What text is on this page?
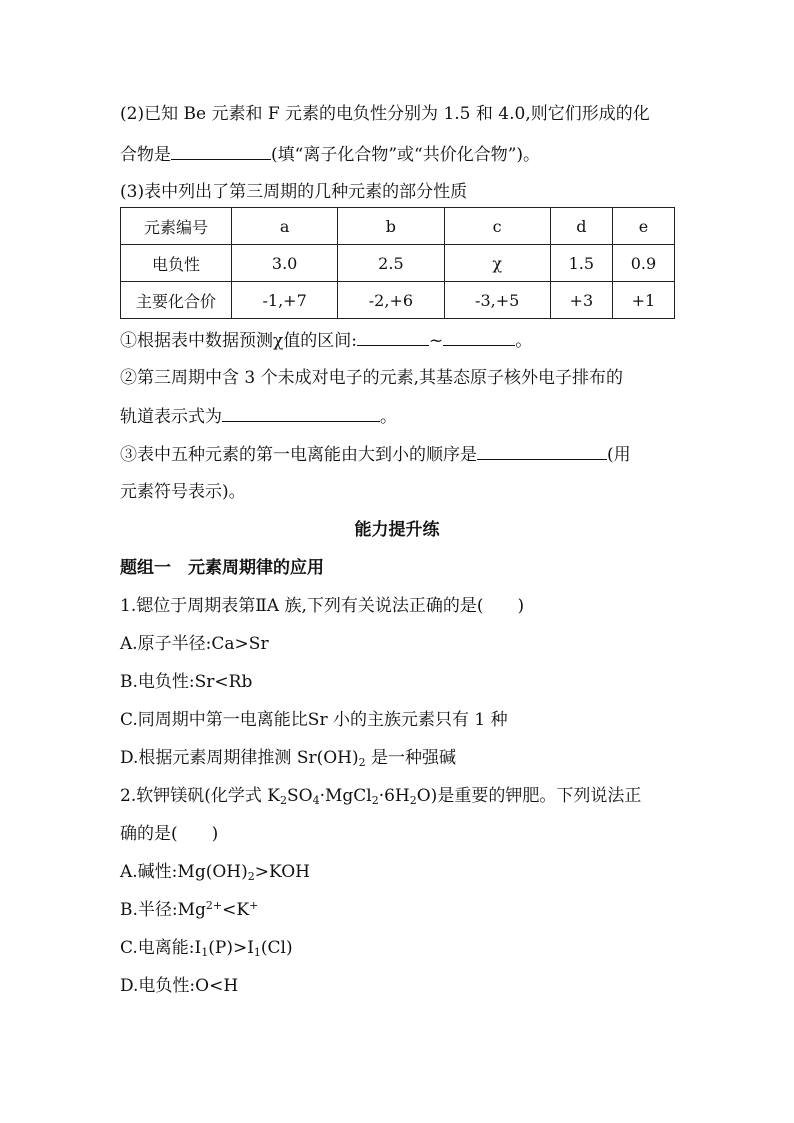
(2)已知 Be 元素和 F 元素的电负性分别为 1.5 和 4.0,则它们形成的化
合物是	(填“离子化合物”或“共价化合物”)。
(3)表中列出了第三周期的几种元素的部分性质
元素编号	a	b	c	d	e
电负性	3.0	2.5	χ	1.5	0.9
主要化合价	-1,+7	-2,+6	-3,+5	+3	+1
①根据表中数据预测χ值的区间:	~	。
②第三周期中含 3 个未成对电子的元素,其基态原子核外电子排布的
轨道表示式为	。
③表中五种元素的第一电离能由大到小的顺序是	(用
元素符号表示)。
能力提升练
题组一　元素周期律的应用
1.锶位于周期表第ⅡA 族,下列有关说法正确的是(　　)
A.原子半径:Ca>Sr
B.电负性:Sr<Rb
C.同周期中第一电离能比Sr 小的主族元素只有 1 种
D.根据元素周期律推测 $Sr(OH)_2$ 是一种强碱
2.软钾镁矾(化学式 $K_2SO_4\cdot MgCl_2\cdot 6H_2O$)是重要的钾肥。下列说法正
确的是(　　)
A.碱性$:Mg(OH)_2>KOH$
B.半径$:Mg^{2+}<K^+$
C.电离能$:I_1(P)>I_1(Cl)$
D.电负性:O<H
